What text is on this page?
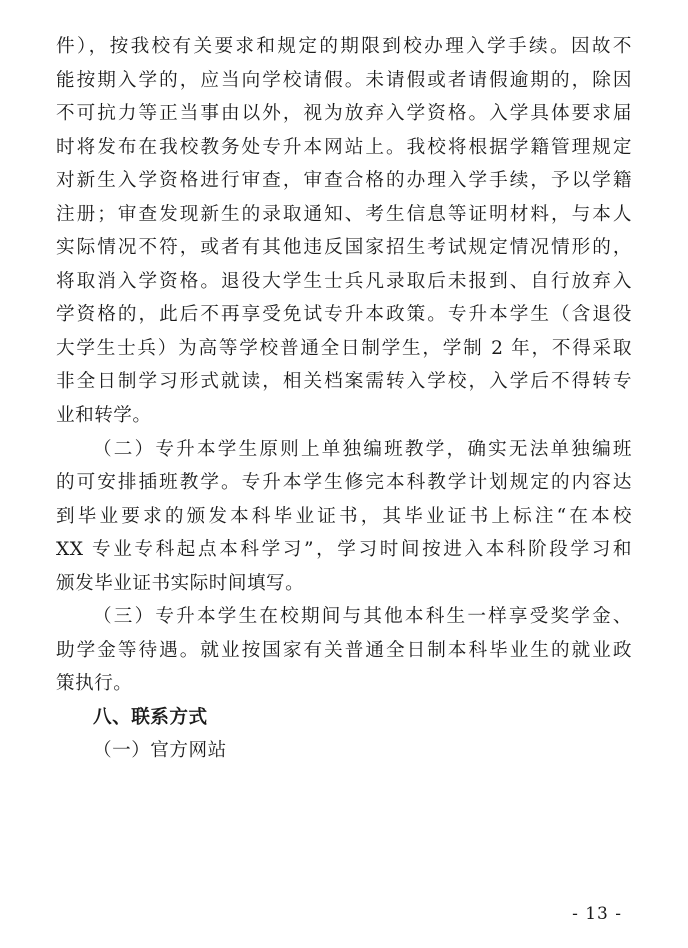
件），按我校有关要求和规定的期限到校办理入学手续。因故不
能按期入学的，应当向学校请假。未请假或者请假逾期的，除因
不可抗力等正当事由以外，视为放弃入学资格。入学具体要求届
时将发布在我校教务处专升本网站上。我校将根据学籍管理规定
对新生入学资格进行审查，审查合格的办理入学手续，予以学籍
注册；审查发现新生的录取通知、考生信息等证明材料，与本人
实际情况不符，或者有其他违反国家招生考试规定情况情形的，
将取消入学资格。退役大学生士兵凡录取后未报到、自行放弃入
学资格的，此后不再享受免试专升本政策。专升本学生（含退役
大学生士兵）为高等学校普通全日制学生，学制 2 年，不得采取
非全日制学习形式就读，相关档案需转入学校，入学后不得转专
业和转学。
（二）专升本学生原则上单独编班教学，确实无法单独编班
的可安排插班教学。专升本学生修完本科教学计划规定的内容达
到毕业要求的颁发本科毕业证书，其毕业证书上标注“在本校
XX 专业专科起点本科学习”，学习时间按进入本科阶段学习和
颁发毕业证书实际时间填写。
（三）专升本学生在校期间与其他本科生一样享受奖学金、
助学金等待遇。就业按国家有关普通全日制本科毕业生的就业政
策执行。
八、联系方式
（一）官方网站
- 13 -
